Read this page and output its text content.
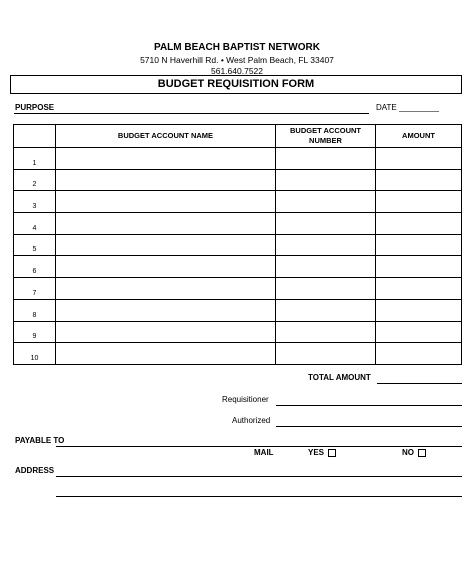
PALM BEACH BAPTIST NETWORK
5710 N Haverhill Rd. • West Palm Beach, FL 33407
561.640.7522
BUDGET REQUISITION FORM
PURPOSE	DATE _________
	BUDGET ACCOUNT NAME	BUDGET ACCOUNT NUMBER	AMOUNT
1			
2			
3			
4			
5			
6			
7			
8			
9			
10			
TOTAL AMOUNT
Requisitioner
Authorized
PAYABLE TO
MAIL	YES	NO
ADDRESS
